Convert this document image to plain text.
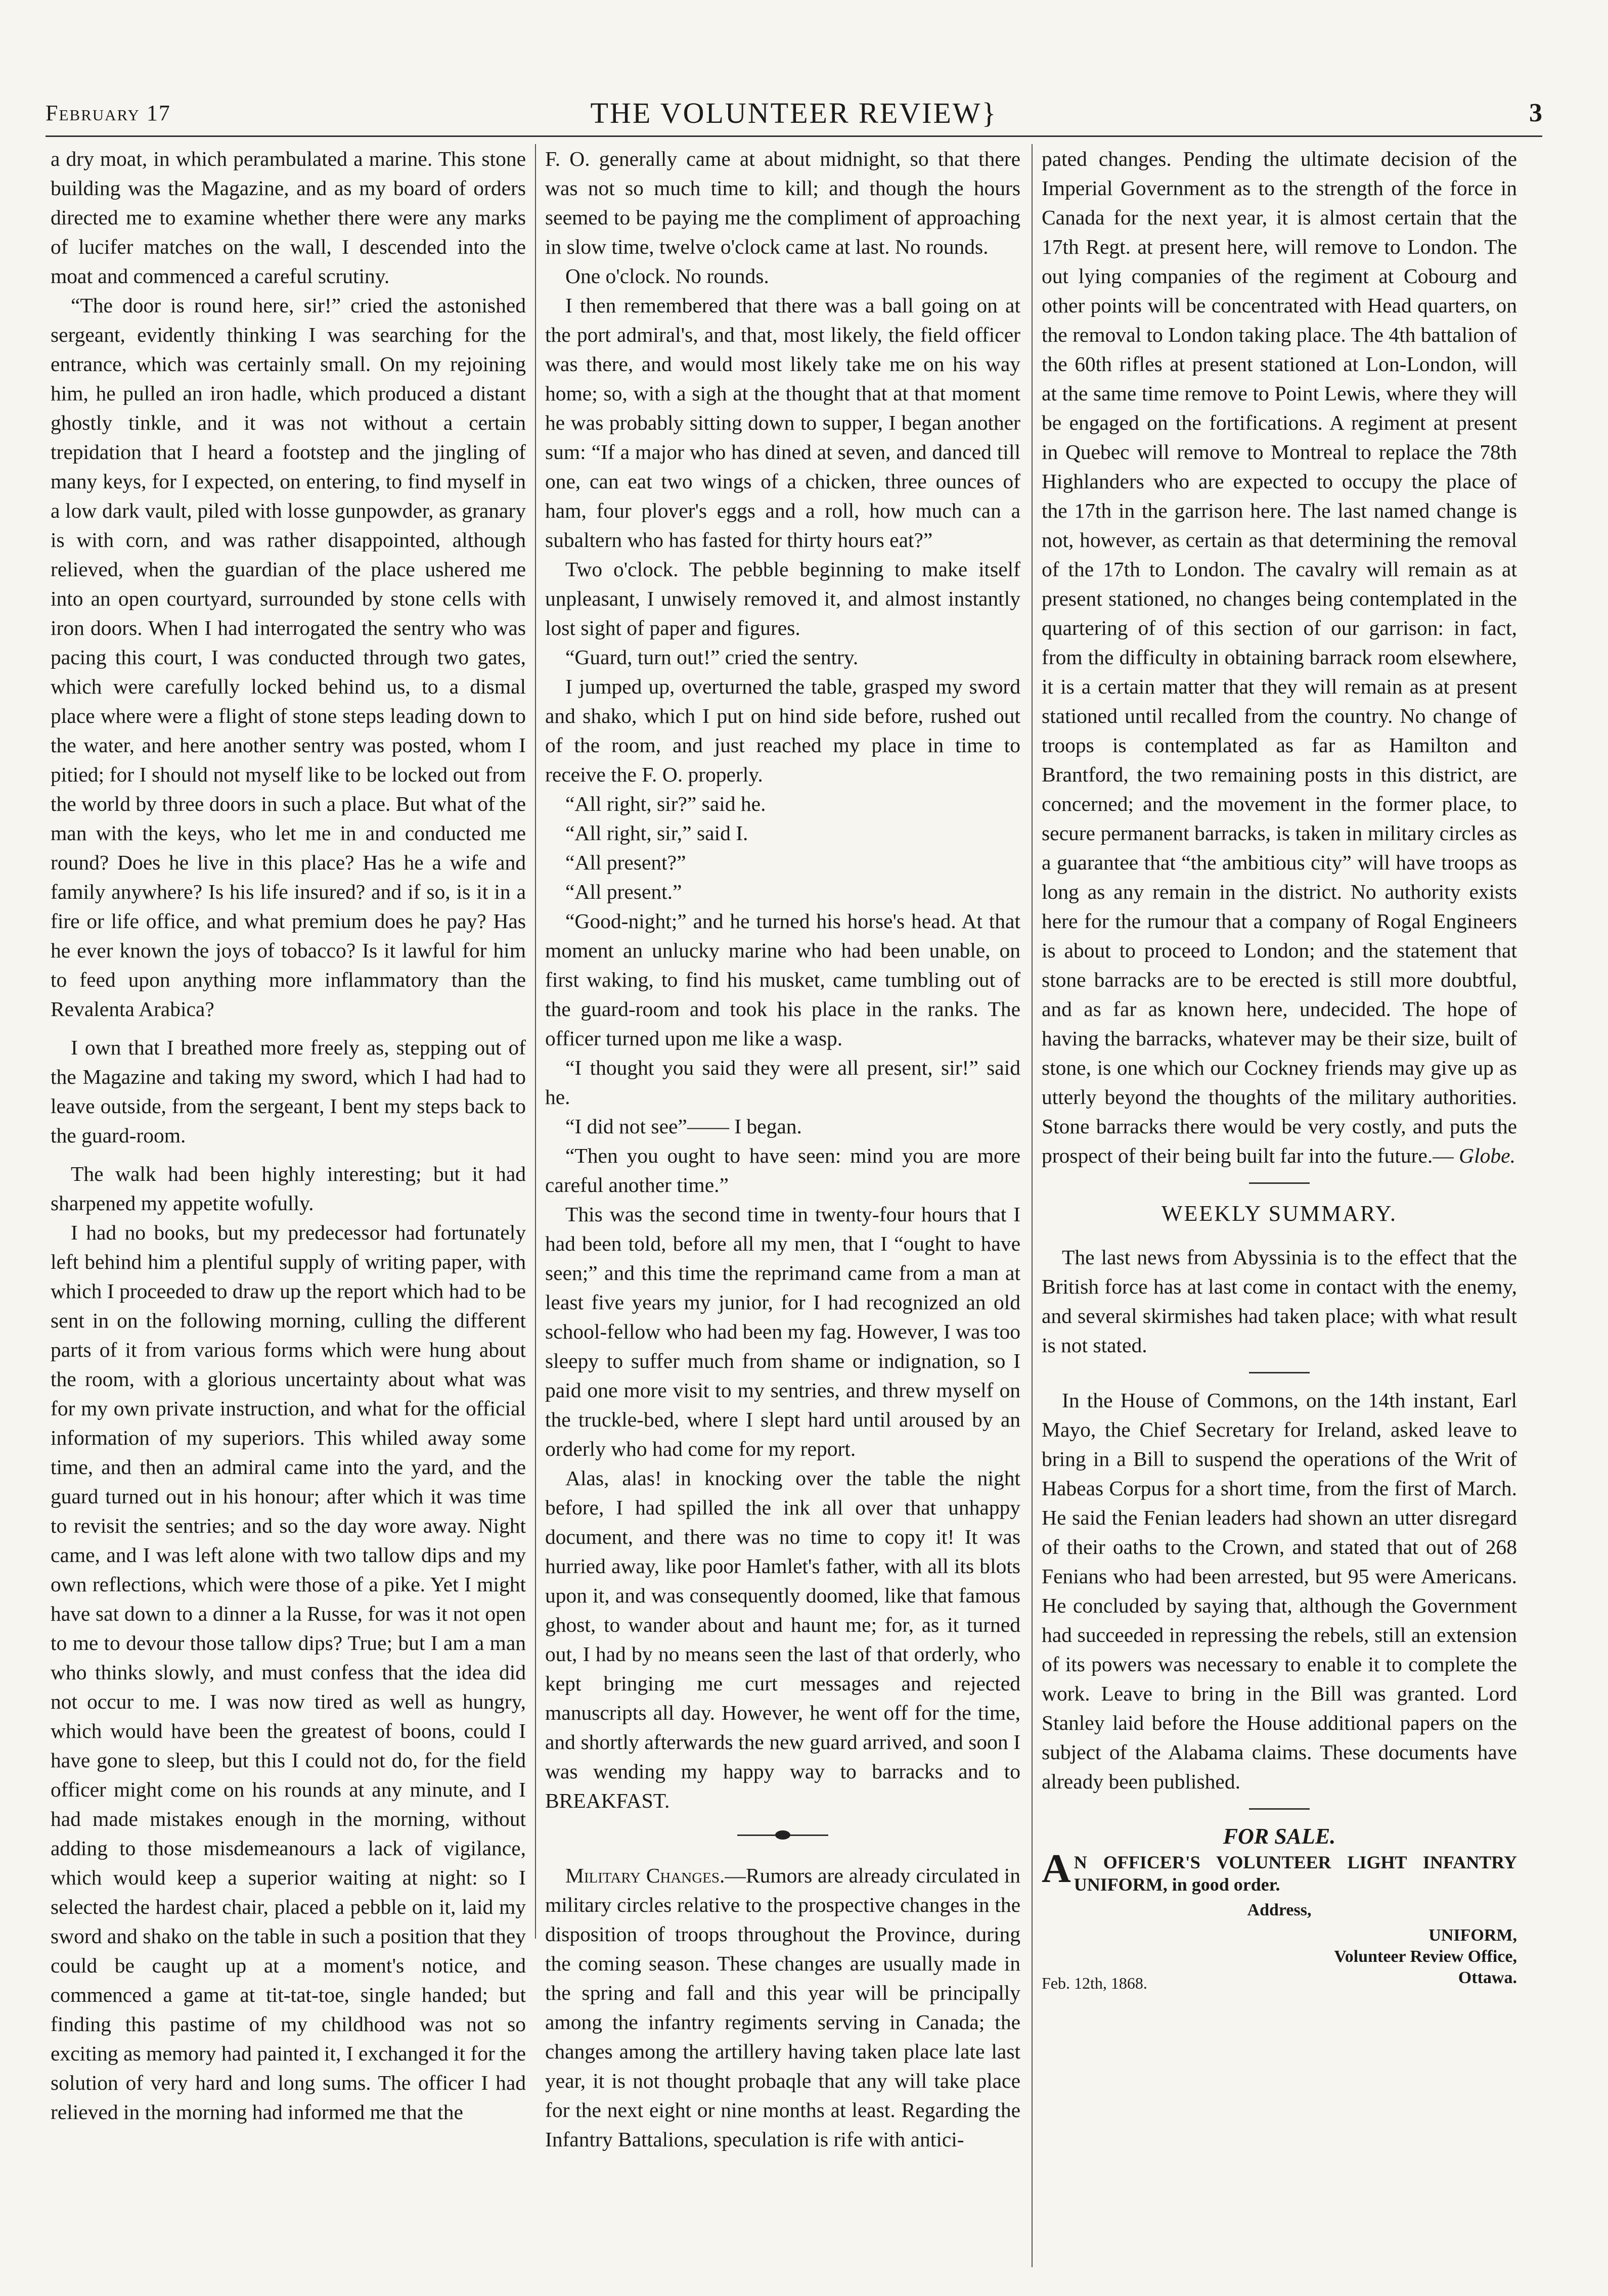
February 17	THE VOLUNTEER REVIEW}	3

a dry moat, in which perambulated a marine. This stone building was the Magazine, and as my board of orders directed me to examine whether there were any marks of lucifer matches on the wall, I descended into the moat and commenced a careful scrutiny.

“The door is round here, sir!” cried the astonished sergeant, evidently thinking I was searching for the entrance, which was certainly small. On my rejoining him, he pulled an iron hadle, which produced a distant ghostly tinkle, and it was not without a certain trepidation that I heard a footstep and the jingling of many keys, for I expected, on entering, to find myself in a low dark vault, piled with losse gunpowder, as granary is with corn, and was rather disappointed, although relieved, when the guardian of the place ushered me into an open courtyard, surrounded by stone cells with iron doors. When I had interrogated the sentry who was pacing this court, I was conducted through two gates, which were carefully locked behind us, to a dismal place where were a flight of stone steps leading down to the water, and here another sentry was posted, whom I pitied; for I should not myself like to be locked out from the world by three doors in such a place. But what of the man with the keys, who let me in and conducted me round? Does he live in this place? Has he a wife and family anywhere? Is his life insured? and if so, is it in a fire or life office, and what premium does he pay? Has he ever known the joys of tobacco? Is it lawful for him to feed upon anything more inflammatory than the Revalenta Arabica?

I own that I breathed more freely as, stepping out of the Magazine and taking my sword, which I had had to leave outside, from the sergeant, I bent my steps back to the guard-room.

The walk had been highly interesting; but it had sharpened my appetite wofully.

I had no books, but my predecessor had fortunately left behind him a plentiful supply of writing paper, with which I proceeded to draw up the report which had to be sent in on the following morning, culling the different parts of it from various forms which were hung about the room, with a glorious uncertainty about what was for my own private instruction, and what for the official information of my superiors. This whiled away some time, and then an admiral came into the yard, and the guard turned out in his honour; after which it was time to revisit the sentries; and so the day wore away. Night came, and I was left alone with two tallow dips and my own reflections, which were those of a pike. Yet I might have sat down to a dinner a la Russe, for was it not open to me to devour those tallow dips? True; but I am a man who thinks slowly, and must confess that the idea did not occur to me. I was now tired as well as hungry, which would have been the greatest of boons, could I have gone to sleep, but this I could not do, for the field officer might come on his rounds at any minute, and I had made mistakes enough in the morning, without adding to those misdemeanours a lack of vigilance, which would keep a superior waiting at night: so I selected the hardest chair, placed a pebble on it, laid my sword and shako on the table in such a position that they could be caught up at a moment's notice, and commenced a game at tit-tat-toe, single handed; but finding this pastime of my childhood was not so exciting as memory had painted it, I exchanged it for the solution of very hard and long sums. The officer I had relieved in the morning had informed me that the

F. O. generally came at about midnight, so that there was not so much time to kill; and though the hours seemed to be paying me the compliment of approaching in slow time, twelve o'clock came at last. No rounds.

One o'clock. No rounds.

I then remembered that there was a ball going on at the port admiral's, and that, most likely, the field officer was there, and would most likely take me on his way home; so, with a sigh at the thought that at that moment he was probably sitting down to supper, I began another sum: “If a major who has dined at seven, and danced till one, can eat two wings of a chicken, three ounces of ham, four plover's eggs and a roll, how much can a subaltern who has fasted for thirty hours eat?”

Two o'clock. The pebble beginning to make itself unpleasant, I unwisely removed it, and almost instantly lost sight of paper and figures.

“Guard, turn out!” cried the sentry.

I jumped up, overturned the table, grasped my sword and shako, which I put on hind side before, rushed out of the room, and just reached my place in time to receive the F. O. properly.

“All right, sir?” said he.

“All right, sir,” said I.

“All present?”

“All present.”

“Good-night;” and he turned his horse's head. At that moment an unlucky marine who had been unable, on first waking, to find his musket, came tumbling out of the guard-room and took his place in the ranks. The officer turned upon me like a wasp.

“I thought you said they were all present, sir!” said he.

“I did not see”—— I began.

“Then you ought to have seen: mind you are more careful another time.”

This was the second time in twenty-four hours that I had been told, before all my men, that I “ought to have seen;” and this time the reprimand came from a man at least five years my junior, for I had recognized an old school-fellow who had been my fag. However, I was too sleepy to suffer much from shame or indignation, so I paid one more visit to my sentries, and threw myself on the truckle-bed, where I slept hard until aroused by an orderly who had come for my report.

Alas, alas! in knocking over the table the night before, I had spilled the ink all over that unhappy document, and there was no time to copy it! It was hurried away, like poor Hamlet's father, with all its blots upon it, and was consequently doomed, like that famous ghost, to wander about and haunt me; for, as it turned out, I had by no means seen the last of that orderly, who kept bringing me curt messages and rejected manuscripts all day. However, he went off for the time, and shortly afterwards the new guard arrived, and soon I was wending my happy way to barracks and to BREAKFAST.

Military Changes.—Rumors are already circulated in military circles relative to the prospective changes in the disposition of troops throughout the Province, during the coming season. These changes are usually made in the spring and fall and this year will be principally among the infantry regiments serving in Canada; the changes among the artillery having taken place late last year, it is not thought probaqle that any will take place for the next eight or nine months at least. Regarding the Infantry Battalions, speculation is rife with antici-

pated changes. Pending the ultimate decision of the Imperial Government as to the strength of the force in Canada for the next year, it is almost certain that the 17th Regt. at present here, will remove to London. The out lying companies of the regiment at Cobourg and other points will be concentrated with Head quarters, on the removal to London taking place. The 4th battalion of the 60th rifles at present stationed at Lon-London, will at the same time remove to Point Lewis, where they will be engaged on the fortifications. A regiment at present in Quebec will remove to Montreal to replace the 78th Highlanders who are expected to occupy the place of the 17th in the garrison here. The last named change is not, however, as certain as that determining the removal of the 17th to London. The cavalry will remain as at present stationed, no changes being contemplated in the quartering of of this section of our garrison: in fact, from the difficulty in obtaining barrack room elsewhere, it is a certain matter that they will remain as at present stationed until recalled from the country. No change of troops is contemplated as far as Hamilton and Brantford, the two remaining posts in this district, are concerned; and the movement in the former place, to secure permanent barracks, is taken in military circles as a guarantee that “the ambitious city” will have troops as long as any remain in the district. No authority exists here for the rumour that a company of Rogal Engineers is about to proceed to London; and the statement that stone barracks are to be erected is still more doubtful, and as far as known here, undecided. The hope of having the barracks, whatever may be their size, built of stone, is one which our Cockney friends may give up as utterly beyond the thoughts of the military authorities. Stone barracks there would be very costly, and puts the prospect of their being built far into the future.— Globe.

WEEKLY SUMMARY.

The last news from Abyssinia is to the effect that the British force has at last come in contact with the enemy, and several skirmishes had taken place; with what result is not stated.

In the House of Commons, on the 14th instant, Earl Mayo, the Chief Secretary for Ireland, asked leave to bring in a Bill to suspend the operations of the Writ of Habeas Corpus for a short time, from the first of March. He said the Fenian leaders had shown an utter disregard of their oaths to the Crown, and stated that out of 268 Fenians who had been arrested, but 95 were Americans. He concluded by saying that, although the Government had succeeded in repressing the rebels, still an extension of its powers was necessary to enable it to complete the work. Leave to bring in the Bill was granted. Lord Stanley laid before the House additional papers on the subject of the Alabama claims. These documents have already been published.

FOR SALE.
A N OFFICER'S VOLUNTEER LIGHT INFANTRY UNIFORM, in good order.
Address,
UNIFORM,
Volunteer Review Office,
Ottawa.
Feb. 12th, 1868.
